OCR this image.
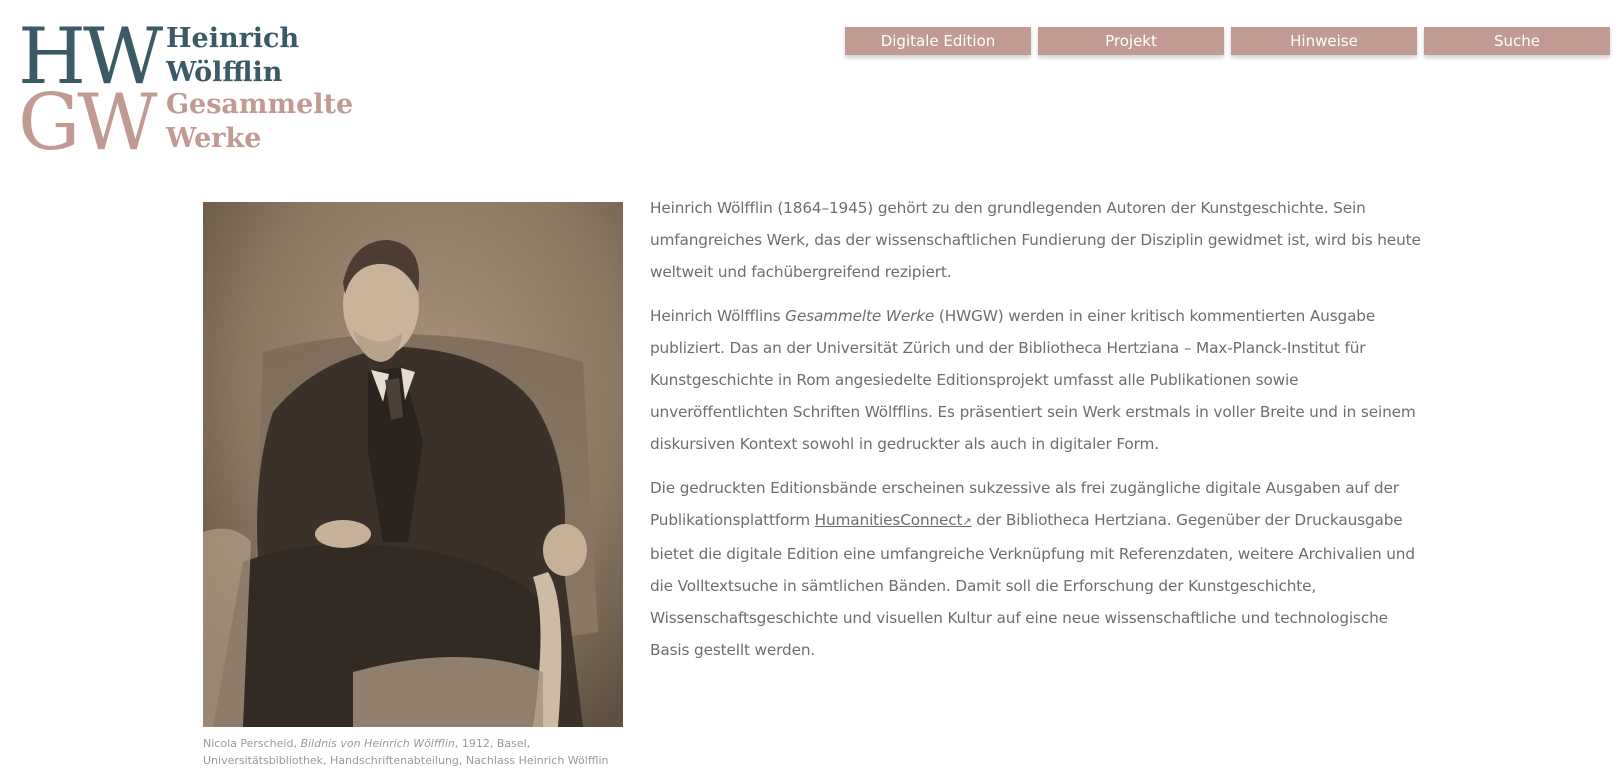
HW
GW
Heinrich
Wölfflin
Gesammelte
Werke
Digitale Edition	Projekt	Hinweise	Suche
Nicola Perscheid, Bildnis von Heinrich Wölfflin, 1912, Basel, Universitätsbibliothek, Handschriftenabteilung, Nachlass Heinrich Wölfflin

Heinrich Wölfflin (1864–1945) gehört zu den grundlegenden Autoren der Kunstgeschichte. Sein umfangreiches Werk, das der wissenschaftlichen Fundierung der Disziplin gewidmet ist, wird bis heute weltweit und fachübergreifend rezipiert.

Heinrich Wölfflins Gesammelte Werke (HWGW) werden in einer kritisch kommentierten Ausgabe publiziert. Das an der Universität Zürich und der Bibliotheca Hertziana – Max-Planck-Institut für Kunstgeschichte in Rom angesiedelte Editionsprojekt umfasst alle Publikationen sowie unveröffentlichten Schriften Wölfflins. Es präsentiert sein Werk erstmals in voller Breite und in seinem diskursiven Kontext sowohl in gedruckter als auch in digitaler Form.

Die gedruckten Editionsbände erscheinen sukzessive als frei zugängliche digitale Ausgaben auf der Publikationsplattform HumanitiesConnect↗ der Bibliotheca Hertziana. Gegenüber der Druckausgabe bietet die digitale Edition eine umfangreiche Verknüpfung mit Referenzdaten, weitere Archivalien und die Volltextsuche in sämtlichen Bänden. Damit soll die Erforschung der Kunstgeschichte, Wissenschaftsgeschichte und visuellen Kultur auf eine neue wissenschaftliche und technologische Basis gestellt werden.
